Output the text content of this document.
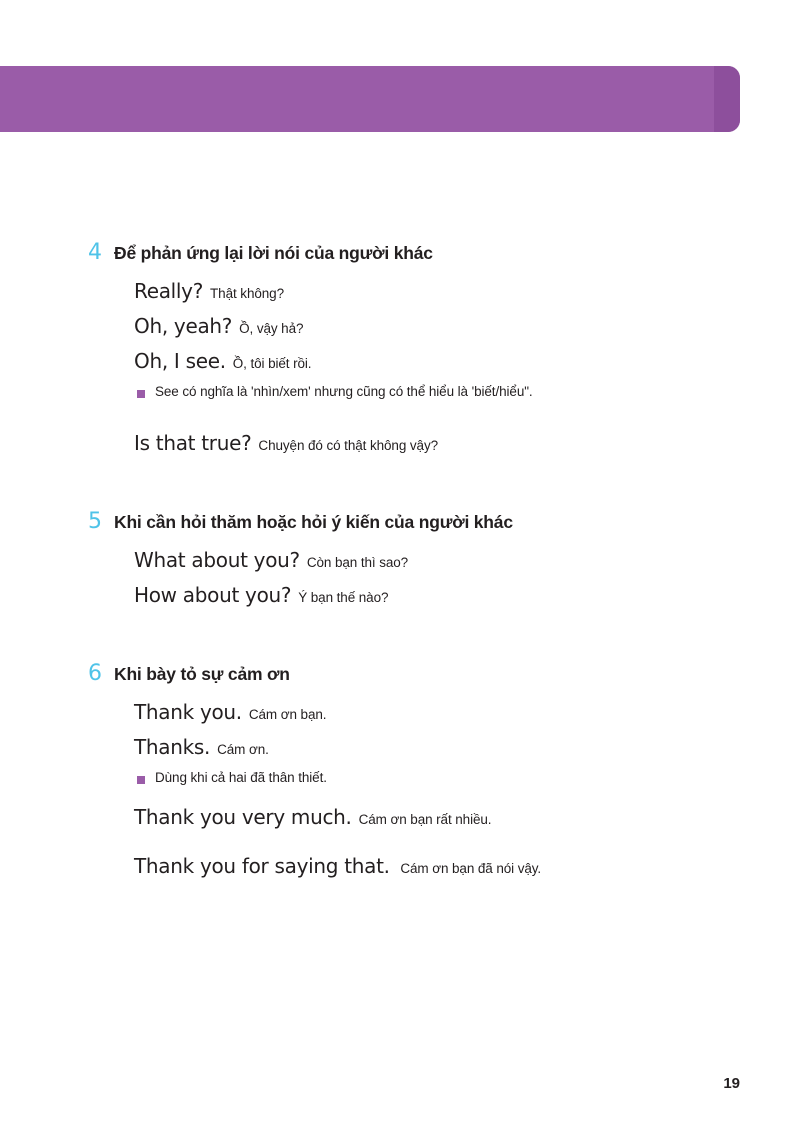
4 Để phản ứng lại lời nói của người khác
Really? Thật không?
Oh, yeah? Ồ, vậy hả?
Oh, I see. Ồ, tôi biết rồi.
See có nghĩa là 'nhìn/xem' nhưng cũng có thể hiểu là 'biết/hiểu".
Is that true? Chuyện đó có thật không vậy?
5 Khi cần hỏi thăm hoặc hỏi ý kiến của người khác
What about you? Còn bạn thì sao?
How about you? Ý bạn thế nào?
6 Khi bày tỏ sự cảm ơn
Thank you. Cám ơn bạn.
Thanks. Cám ơn.
Dùng khi cả hai đã thân thiết.
Thank you very much. Cám ơn bạn rất nhiều.
Thank you for saying that. Cám ơn bạn đã nói vậy.
19
